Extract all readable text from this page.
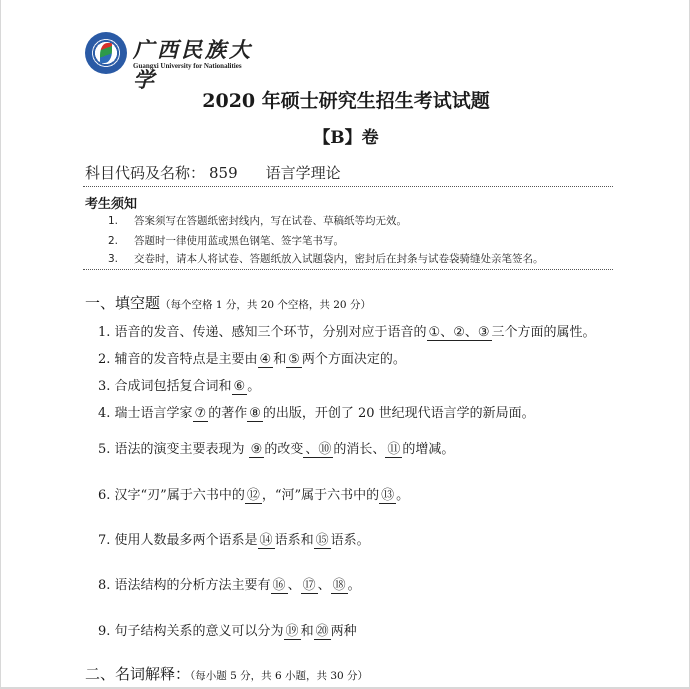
广西民族大学
Guangxi University for Nationalities
2020 年硕士研究生招生考试试题
【B】卷
科目代码及名称： 859 语言学理论
考生须知
1. 答案须写在答题纸密封线内，写在试卷、草稿纸等均无效。
2. 答题时一律使用蓝或黑色钢笔、签字笔书写。
3. 交卷时，请本人将试卷、答题纸放入试题袋内，密封后在封条与试卷袋骑缝处亲笔签名。
一、填空题（每个空格 1 分，共 20 个空格，共 20 分）
1. 语音的发音、传递、感知三个环节，分别对应于语音的 ①、②、③ 三个方面的属性。
2. 辅音的发音特点是主要由 ④ 和 ⑤ 两个方面决定的。
3. 合成词包括复合词和 ⑥ 。
4. 瑞士语言学家 ⑦ 的著作 ⑧ 的出版，开创了 20 世纪现代语言学的新局面。
5. 语法的演变主要表现为 ⑨的改变 、⑩的消长、 ⑪ 的增减。
6. 汉字“刃”属于六书中的 ⑫ ，“河”属于六书中的 ⑬ 。
7. 使用人数最多两个语系是 ⑭ 语系和 ⑮ 语系。
8. 语法结构的分析方法主要有 ⑯ 、 ⑰ 、 ⑱ 。
9. 句子结构关系的意义可以分为 ⑲ 和 ⑳ 两种
二、名词解释：（每小题 5 分，共 6 小题，共 30 分）
